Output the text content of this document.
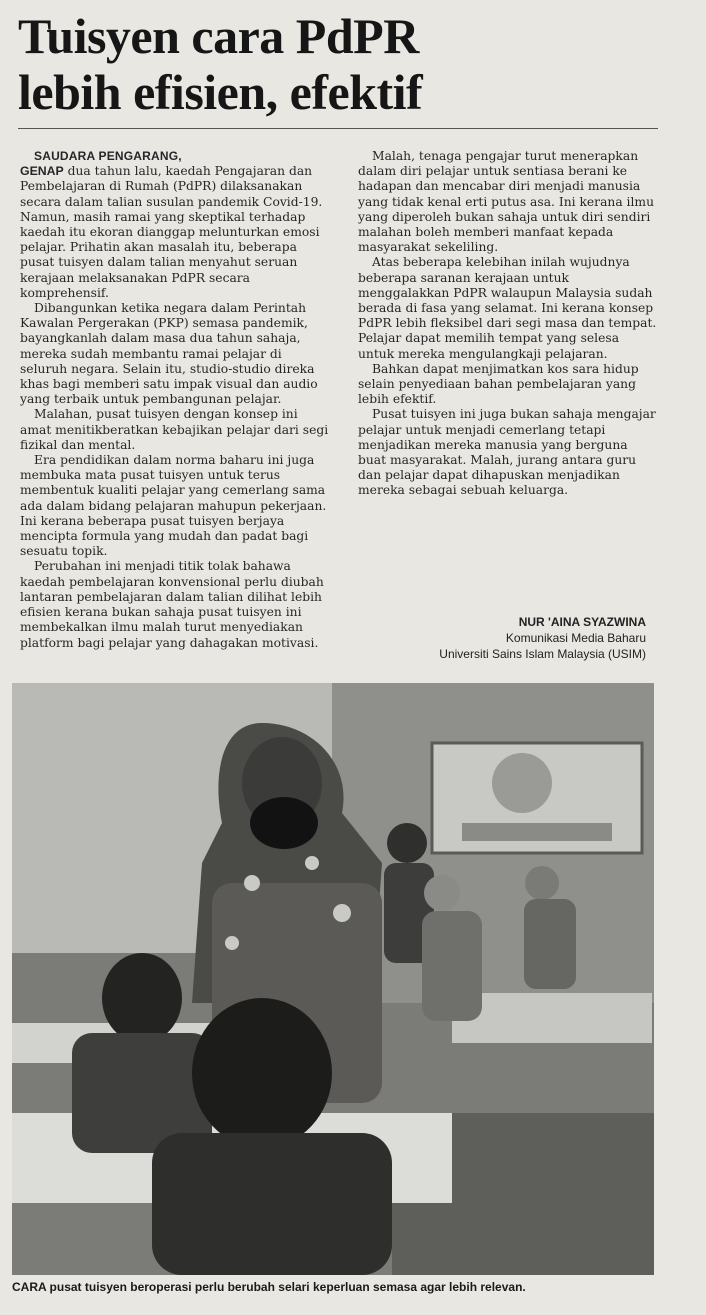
Tuisyen cara PdPR
lebih efisien, efektif

SAUDARA PENGARANG,

GENAP dua tahun lalu, kaedah Pengajaran dan Pembelajaran di Rumah (PdPR) dilaksanakan secara dalam talian susulan pandemik Covid-19. Namun, masih ramai yang skeptikal terhadap kaedah itu ekoran dianggap melunturkan emosi pelajar. Prihatin akan masalah itu, beberapa pusat tuisyen dalam talian menyahut seruan kerajaan melaksanakan PdPR secara komprehensif.

Dibangunkan ketika negara dalam Perintah Kawalan Pergerakan (PKP) semasa pandemik, bayangkanlah dalam masa dua tahun sahaja, mereka sudah membantu ramai pelajar di seluruh negara. Selain itu, studio-studio direka khas bagi memberi satu impak visual dan audio yang terbaik untuk pembangunan pelajar.

Malahan, pusat tuisyen dengan konsep ini amat menitikberatkan kebajikan pelajar dari segi fizikal dan mental.

Era pendidikan dalam norma baharu ini juga membuka mata pusat tuisyen untuk terus membentuk kualiti pelajar yang cemerlang sama ada dalam bidang pelajaran mahupun pekerjaan. Ini kerana beberapa pusat tuisyen berjaya mencipta formula yang mudah dan padat bagi sesuatu topik.

Perubahan ini menjadi titik tolak bahawa kaedah pembelajaran konvensional perlu diubah lantaran pembelajaran dalam talian dilihat lebih efisien kerana bukan sahaja pusat tuisyen ini membekalkan ilmu malah turut menyediakan platform bagi pelajar yang dahagakan motivasi.

Malah, tenaga pengajar turut menerapkan dalam diri pelajar untuk sentiasa berani ke hadapan dan mencabar diri menjadi manusia yang tidak kenal erti putus asa. Ini kerana ilmu yang diperoleh bukan sahaja untuk diri sendiri malahan boleh memberi manfaat kepada masyarakat sekeliling.

Atas beberapa kelebihan inilah wujudnya beberapa saranan kerajaan untuk menggalakkan PdPR walaupun Malaysia sudah berada di fasa yang selamat. Ini kerana konsep PdPR lebih fleksibel dari segi masa dan tempat. Pelajar dapat memilih tempat yang selesa untuk mereka mengulangkaji pelajaran.

Bahkan dapat menjimatkan kos sara hidup selain penyediaan bahan pembelajaran yang lebih efektif.

Pusat tuisyen ini juga bukan sahaja mengajar pelajar untuk menjadi cemerlang tetapi menjadikan mereka manusia yang berguna buat masyarakat. Malah, jurang antara guru dan pelajar dapat dihapuskan menjadikan mereka sebagai sebuah keluarga.

NUR 'AINA SYAZWINA
Komunikasi Media Baharu
Universiti Sains Islam Malaysia (USIM)
CARA pusat tuisyen beroperasi perlu berubah selari keperluan semasa agar lebih relevan.
